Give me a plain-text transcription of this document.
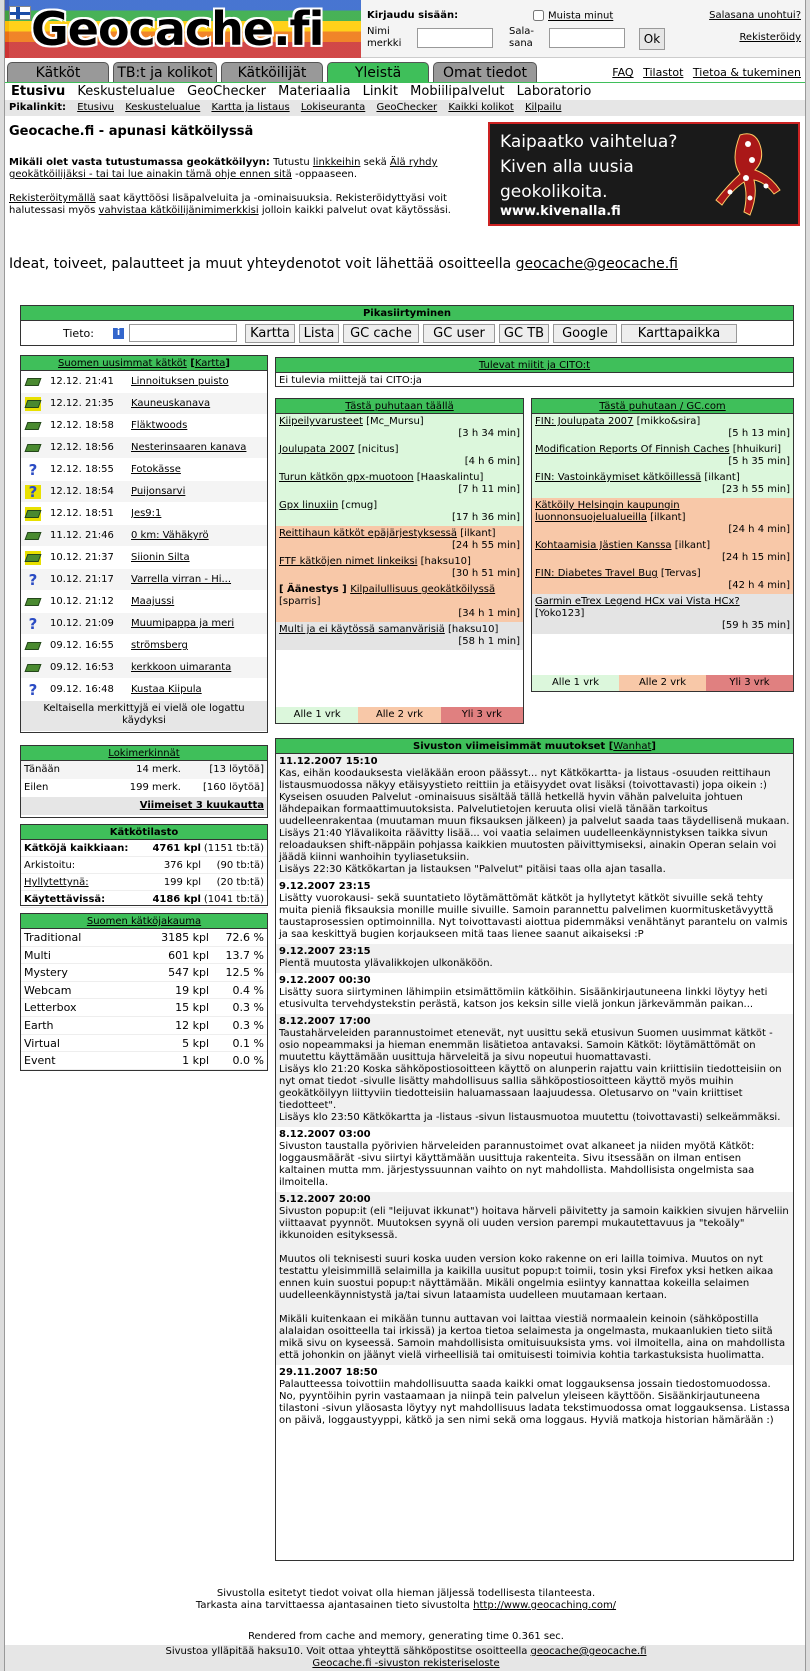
Geocache.fi	Kirjaudu sisään:	Muista minut	Salasana unohtui?
Nimi merkki
Sala- sana	Ok	Rekisteröidy
Kätköt	TB:t ja kolikot	Kätköilijät	Yleistä	Omat tiedot	FAQ Tilastot Tietoa & tukeminen
Etusivu Keskustelualue GeoChecker Materiaalia Linkit Mobiilipalvelut Laboratorio
Pikalinkit: Etusivu Keskustelualue Kartta ja listaus Lokiseuranta GeoChecker Kaikki kolikot Kilpailu
Geocache.fi - apunasi kätköilyssä

Mikäli olet vasta tutustumassa geokätköilyyn: Tutustu linkkeihin sekä Älä ryhdy geokätköilijäksi - tai tai lue ainakin tämä ohje ennen sitä -oppaaseen.

Rekisteröitymällä saat käyttöösi lisäpalveluita ja -ominaisuuksia. Rekisteröidyttyäsi voit halutessasi myös vahvistaa kätköilijänimimerkkisi jolloin kaikki palvelut ovat käytössäsi.

Kaipaatko vaihtelua?
Kiven alla uusia
geokolikoita.
www.kivenalla.fi
Ideat, toiveet, palautteet ja muut yhteydenotot voit lähettää osoitteella geocache@geocache.fi
Pikasiirtyminen
Tieto:	i	Kartta	Lista	GC cache	GC user	GC TB	Google	Karttapaikka
Suomen uusimmat kätköt [Kartta]
12.12. 21:41 Linnoituksen puisto
12.12. 21:35 Kauneuskanava
12.12. 18:58 Fläktwoods
12.12. 18:56 Nesterinsaaren kanava
?	12.12. 18:55 Fotokässe
?	12.12. 18:54 Puijonsarvi
12.12. 18:51 Jes9:1
11.12. 21:46 0 km: Vähäkyrö
10.12. 21:37 Siionin Silta
?	10.12. 21:17 Varrella virran - Hi...
10.12. 21:12 Maajussi
?	10.12. 21:09 Muumipappa ja meri
09.12. 16:55 strömsberg
09.12. 16:53 kerkkoon uimaranta
?	09.12. 16:48 Kustaa Kiipula
Keltaisella merkittyjä ei vielä ole logattu käydyksi
Lokimerkinnät
Tänään	14 merk.	[13 löytöä]
Eilen	199 merk. [160 löytöä]
Viimeiset 3 kuukautta
Kätkötilasto
Kätköjä kaikkiaan:	4761 kpl (1151 tb:tä)
Arkistoitu:	376 kpl (90 tb:tä)
Hyllytettynä:	199 kpl (20 tb:tä)
Käytettävissä:	4186 kpl (1041 tb:tä)
Suomen kätköjakauma
Traditional	3185 kpl 72.6 %
Multi	601 kpl 13.7 %
Mystery	547 kpl 12.5 %
Webcam	19 kpl 0.4 %
Letterbox	15 kpl 0.3 %
Earth	12 kpl 0.3 %
Virtual	5 kpl 0.1 %
Event	1 kpl 0.0 %
Tulevat miitit ja CITO:t
Ei tulevia miittejä tai CITO:ja
Tästä puhutaan täällä
Kiipeilyvarusteet [Mc_Mursu]
[3 h 34 min]
Joulupata 2007 [nicitus]
[4 h 6 min]
Turun kätkön gpx-muotoon [Haaskalintu]
[7 h 11 min]
Gpx linuxiin [cmug]
[17 h 36 min]
Reittihaun kätköt epäjärjestyksessä [ilkant]
[24 h 55 min]
FTF kätköjen nimet linkeiksi [haksu10]
[30 h 51 min]
[ Äänestys ] Kilpailullisuus geokätköilyssä [sparris]
[34 h 1 min]
Multi ja ei käytössä samanvärisiä [haksu10]
[58 h 1 min]
Alle 1 vrk	Alle 2 vrk	Yli 3 vrk
Tästä puhutaan / GC.com
FIN: Joulupata 2007 [mikko&sira]
[5 h 13 min]
Modification Reports Of Finnish Caches [hhuikuri]
[5 h 35 min]
FIN: Vastoinkäymiset kätköillessä [ilkant]
[23 h 55 min]
Kätköily Helsingin kaupungin luonnonsuojelualueilla [ilkant]
[24 h 4 min]
Kohtaamisia Jästien Kanssa [ilkant]
[24 h 15 min]
FIN: Diabetes Travel Bug [Tervas]
[42 h 4 min]
Garmin eTrex Legend HCx vai Vista HCx? [Yoko123]
[59 h 35 min]
Alle 1 vrk	Alle 2 vrk	Yli 3 vrk
Sivuston viimeisimmät muutokset [Wanhat]
11.12.2007 15:10
Kas, eihän koodauksesta vieläkään eroon päässyt... nyt Kätkökartta- ja listaus -osuuden reittihaun listausmuodossa näkyy etäisyystieto reittiin ja etäisyydet ovat lisäksi (toivottavasti) jopa oikein :)
Kyseisen osuuden Palvelut -ominaisuus sisältää tällä hetkellä hyvin vähän palveluita johtuen lähdepaikan formaattimuutoksista. Palvelutietojen keruuta olisi vielä tänään tarkoitus uudelleenrakentaa (muutaman muun fiksauksen jälkeen) ja palvelut saada taas täydellisenä mukaan.
Lisäys 21:40 Ylävalikoita räävitty lisää... voi vaatia selaimen uudelleenkäynnistyksen taikka sivun reloadauksen shift-näppäin pohjassa kaikkien muutosten päivittymiseksi, ainakin Operan selain voi jäädä kiinni wanhoihin tyyliasetuksiin.
Lisäys 22:30 Kätkökartan ja listauksen "Palvelut" pitäisi taas olla ajan tasalla.
9.12.2007 23:15
Lisätty vuorokausi- sekä suuntatieto löytämättömät kätköt ja hyllytetyt kätköt sivuille sekä tehty muita pieniä fiksauksia monille muille sivuille. Samoin parannettu palvelimen kuormitusketävyyttä taustaprosessien optimoinnilla. Nyt toivottavasti aiottua pidemmäksi venähtänyt parantelu on valmis ja saa keskittyä bugien korjaukseen mitä taas lienee saanut aikaiseksi :P
9.12.2007 23:15
Pientä muutosta ylävalikkojen ulkonäköön.
9.12.2007 00:30
Lisätty suora siirtyminen lähimpiin etsimättömiin kätköihin. Sisäänkirjautuneena linkki löytyy heti etusivulta tervehdystekstin perästä, katson jos keksin sille vielä jonkun järkevämmän paikan...
8.12.2007 17:00
Taustahärveleiden parannustoimet etenevät, nyt uusittu sekä etusivun Suomen uusimmat kätköt -osio nopeammaksi ja hieman enemmän lisätietoa antavaksi. Samoin Kätköt: löytämättömät on muutettu käyttämään uusittuja härveleitä ja sivu nopeutui huomattavasti.
Lisäys klo 21:20 Koska sähköpostiosoitteen käyttö on alunperin rajattu vain kriittisiin tiedotteisiin on nyt omat tiedot -sivulle lisätty mahdollisuus sallia sähköpostiosoitteen käyttö myös muihin geokätköilyyn liittyviin tiedotteisiin haluamassaan laajuudessa. Oletusarvo on "vain kriittiset tiedotteet".
Lisäys klo 23:50 Kätkökartta ja -listaus -sivun listausmuotoa muutettu (toivottavasti) selkeämmäksi.
8.12.2007 03:00
Sivuston taustalla pyörivien härveleiden parannustoimet ovat alkaneet ja niiden myötä Kätköt: loggausmäärät -sivu siirtyi käyttämään uusittuja rakenteita. Sivu itsessään on ilman entisen kaltainen mutta mm. järjestyssuunnan vaihto on nyt mahdollista. Mahdollisista ongelmista saa ilmoitella.
5.12.2007 20:00
Sivuston popup:it (eli "leijuvat ikkunat") hoitava härveli päivitetty ja samoin kaikkien sivujen härveliin viittaavat pyynnöt. Muutoksen syynä oli uuden version parempi mukautettavuus ja "tekoäly" ikkunoiden esityksessä.
Muutos oli teknisesti suuri koska uuden version koko rakenne on eri lailla toimiva. Muutos on nyt testattu yleisimmillä selaimilla ja kaikilla uusitut popup:t toimii, tosin yksi Firefox yksi hetken aikaa ennen kuin suostui popup:t näyttämään. Mikäli ongelmia esiintyy kannattaa kokeilla selaimen uudelleenkäynnistystä ja/tai sivun lataamista uudelleen muutamaan kertaan.
Mikäli kuitenkaan ei mikään tunnu auttavan voi laittaa viestiä normaalein keinoin (sähköpostilla alalaidan osoitteella tai irkissä) ja kertoa tietoa selaimesta ja ongelmasta, mukaanlukien tieto siitä mikä sivu on kyseessä. Samoin mahdollisista omituisuuksista yms. voi ilmoitella, aina on mahdollista että johonkin on jäänyt vielä virheellisiä tai omituisesti toimivia kohtia tarkastuksista huolimatta.
29.11.2007 18:50
Palautteessa toivottiin mahdollisuutta saada kaikki omat loggauksensa jossain tiedostomuodossa. No, pyyntöihin pyrin vastaamaan ja niinpä tein palvelun yleiseen käyttöön. Sisäänkirjautuneena tilastoni -sivun yläosasta löytyy nyt mahdollisuus ladata tekstimuodossa omat loggauksensa. Listassa on päivä, loggaustyyppi, kätkö ja sen nimi sekä oma loggaus. Hyviä matkoja historian hämärään :)
Sivustolla esitetyt tiedot voivat olla hieman jäljessä todellisesta tilanteesta.
Tarkasta aina tarvittaessa ajantasainen tieto sivustolta http://www.geocaching.com/
Rendered from cache and memory, generating time 0.361 sec.
Sivustoa ylläpitää haksu10. Voit ottaa yhteyttä sähköpostitse osoitteella geocache@geocache.fi
Geocache.fi -sivuston rekisteriseloste
